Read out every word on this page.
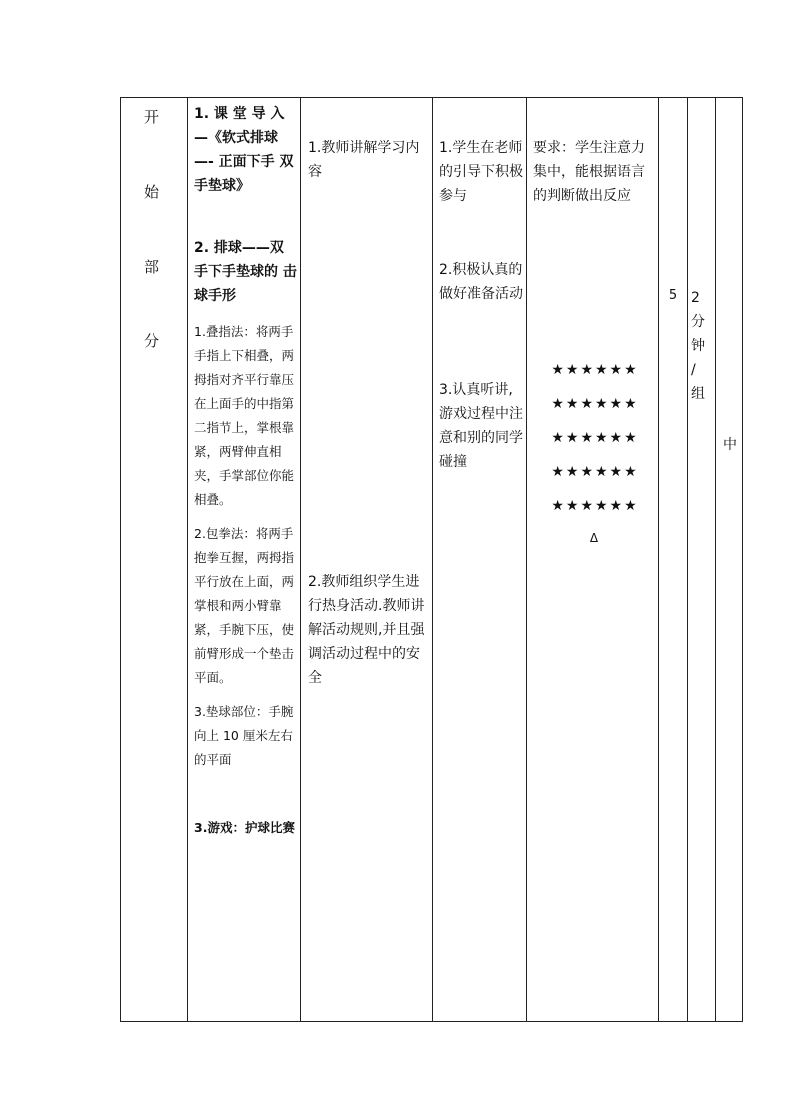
开
始
部
分
1. 课 堂 导 入 —《软式排球 —- 正面下手 双手垫球》
2. 排球——双 手下手垫球的 击球手形
1.叠指法：将两手手指上下相叠，两拇指对齐平行靠压在上面手的中指第二指节上，掌根靠紧，两臂伸直相夹，手掌部位你能相叠。
2.包拳法：将两手抱拳互握，两拇指平行放在上面，两掌根和两小臂靠紧，手腕下压，使前臂形成一个垫击平面。
3.垫球部位：手腕向上 10 厘米左右的平面
3.游戏：护球比赛
1.教师讲解学习内容
2.教师组织学生进行热身活动.教师讲解活动规则,并且强调活动过程中的安全
1.学生在老师的引导下积极参与
2.积极认真的做好准备活动
3.认真听讲,游戏过程中注意和别的同学碰撞
要求：学生注意力集中，能根据语言的判断做出反应
★★★★★★
★★★★★★
★★★★★★
★★★★★★
★★★★★★
Δ
5 2
分
钟
/
组
中
